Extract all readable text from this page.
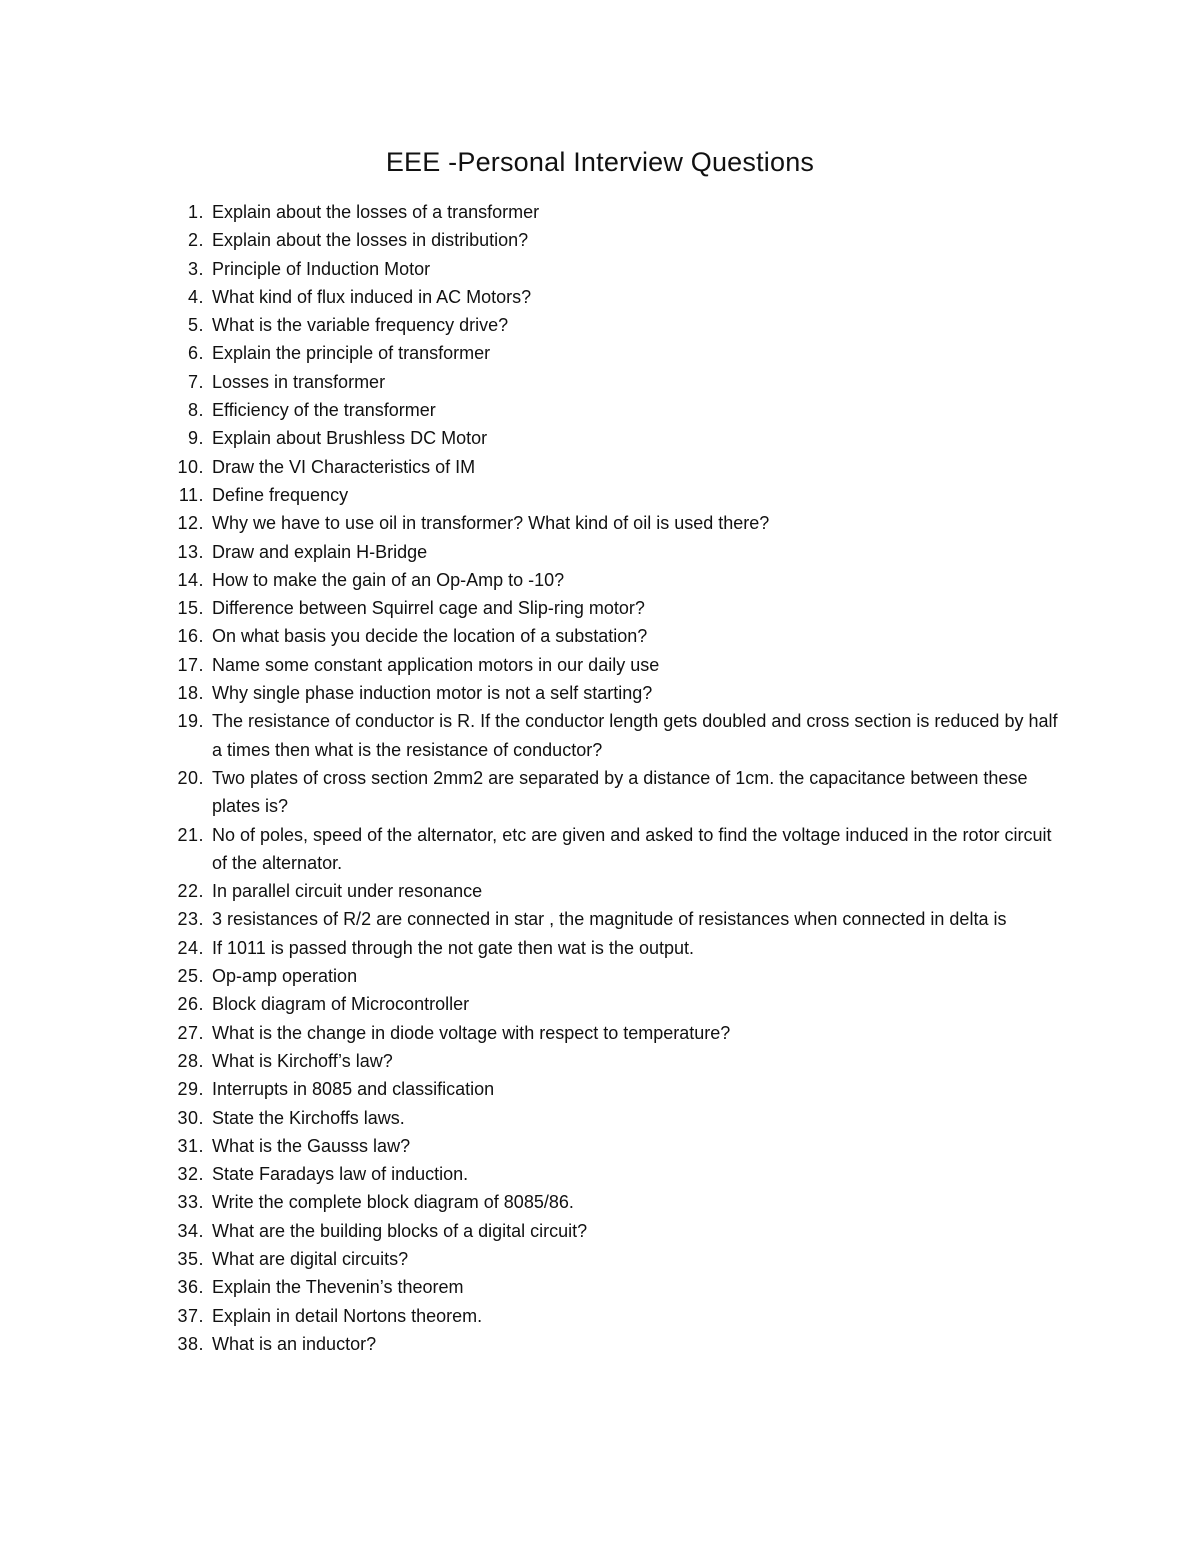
EEE -Personal Interview Questions
1. Explain about the losses of a transformer
2. Explain about the losses in distribution?
3. Principle of Induction Motor
4. What kind of flux induced in AC Motors?
5. What is the variable frequency drive?
6. Explain the principle of transformer
7. Losses in transformer
8. Efficiency of the transformer
9. Explain about Brushless DC Motor
10. Draw the VI Characteristics of IM
11. Define frequency
12. Why we have to use oil in transformer? What kind of oil is used there?
13. Draw and explain H-Bridge
14. How to make the gain of an Op-Amp to -10?
15. Difference between Squirrel cage and Slip-ring motor?
16. On what basis you decide the location of a substation?
17. Name some constant application motors in our daily use
18. Why single phase induction motor is not a self starting?
19. The resistance of conductor is R. If the conductor length gets doubled and cross section is reduced by half a times then what is the resistance of conductor?
20. Two plates of cross section 2mm2 are separated by a distance of 1cm. the capacitance between these plates is?
21. No of poles, speed of the alternator, etc are given and asked to find the voltage induced in the rotor circuit of the alternator.
22. In parallel circuit under resonance
23. 3 resistances of R/2 are connected in star , the magnitude of resistances when connected in delta is
24. If 1011 is passed through the not gate then wat is the output.
25. Op-amp operation
26. Block diagram of Microcontroller
27. What is the change in diode voltage with respect to temperature?
28. What is Kirchoff’s law?
29. Interrupts in 8085 and classification
30. State the Kirchoffs laws.
31. What is the Gausss law?
32. State Faradays law of induction.
33. Write the complete block diagram of 8085/86.
34. What are the building blocks of a digital circuit?
35. What are digital circuits?
36. Explain the Thevenin’s theorem
37. Explain in detail Nortons theorem.
38. What is an inductor?
